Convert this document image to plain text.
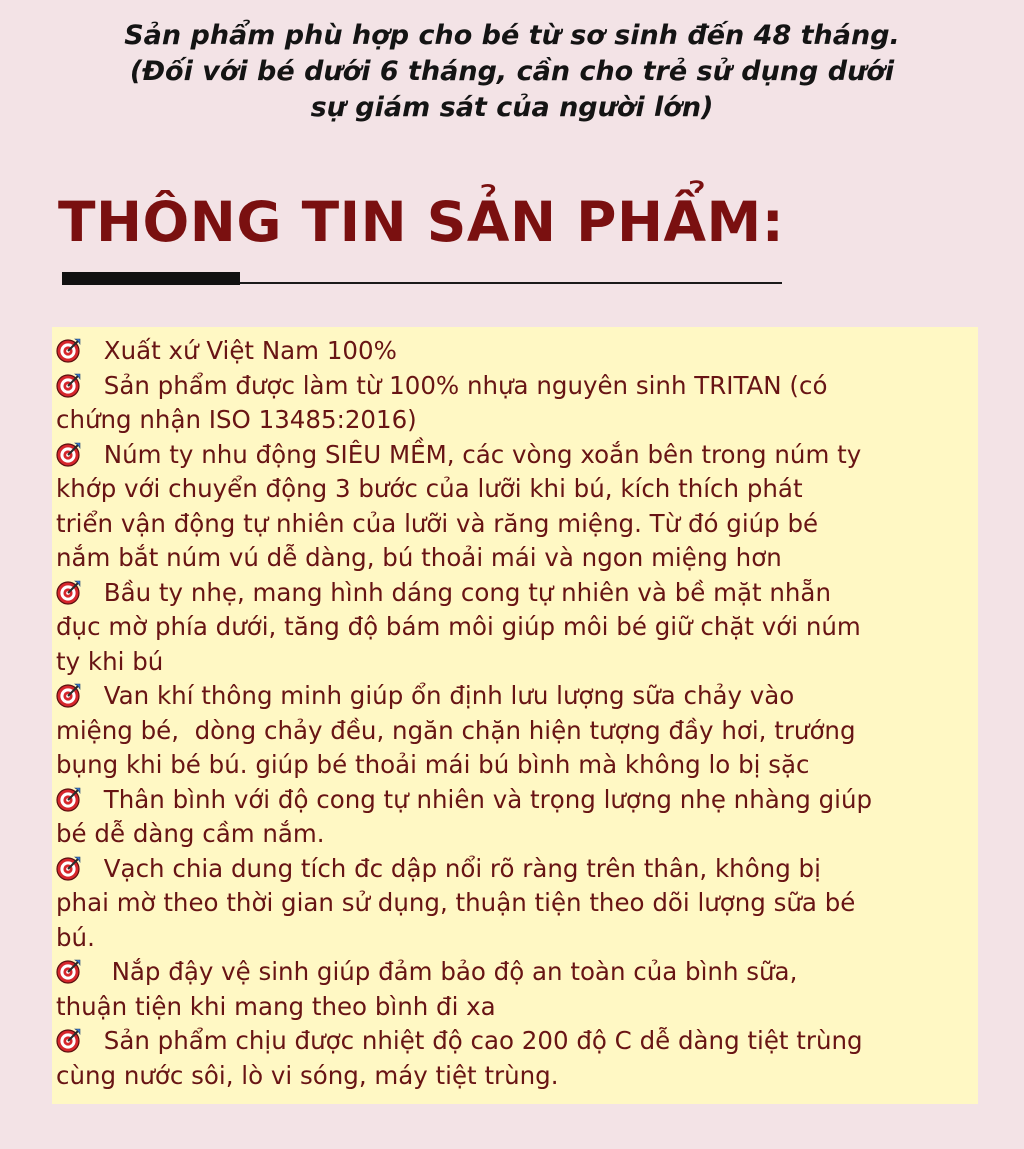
Sản phẩm phù hợp cho bé từ sơ sinh đến 48 tháng.
(Đối với bé dưới 6 tháng, cần cho trẻ sử dụng dưới
sự giám sát của người lớn)
THÔNG TIN SẢN PHẨM:
Xuất xứ Việt Nam 100%
Sản phẩm được làm từ 100% nhựa nguyên sinh TRITAN (có
chứng nhận ISO 13485:2016)
Núm ty nhu động SIÊU MỀM, các vòng xoắn bên trong núm ty
khớp với chuyển động 3 bước của lưỡi khi bú, kích thích phát
triển vận động tự nhiên của lưỡi và răng miệng. Từ đó giúp bé
nắm bắt núm vú dễ dàng, bú thoải mái và ngon miệng hơn
Bầu ty nhẹ, mang hình dáng cong tự nhiên và bề mặt nhẵn
đục mờ phía dưới, tăng độ bám môi giúp môi bé giữ chặt với núm
ty khi bú
Van khí thông minh giúp ổn định lưu lượng sữa chảy vào
miệng bé,  dòng chảy đều, ngăn chặn hiện tượng đầy hơi, trướng
bụng khi bé bú. giúp bé thoải mái bú bình mà không lo bị sặc
Thân bình với độ cong tự nhiên và trọng lượng nhẹ nhàng giúp
bé dễ dàng cầm nắm.
Vạch chia dung tích đc dập nổi rõ ràng trên thân, không bị
phai mờ theo thời gian sử dụng, thuận tiện theo dõi lượng sữa bé
bú.
Nắp đậy vệ sinh giúp đảm bảo độ an toàn của bình sữa,
thuận tiện khi mang theo bình đi xa
Sản phẩm chịu được nhiệt độ cao 200 độ C dễ dàng tiệt trùng
cùng nước sôi, lò vi sóng, máy tiệt trùng.
